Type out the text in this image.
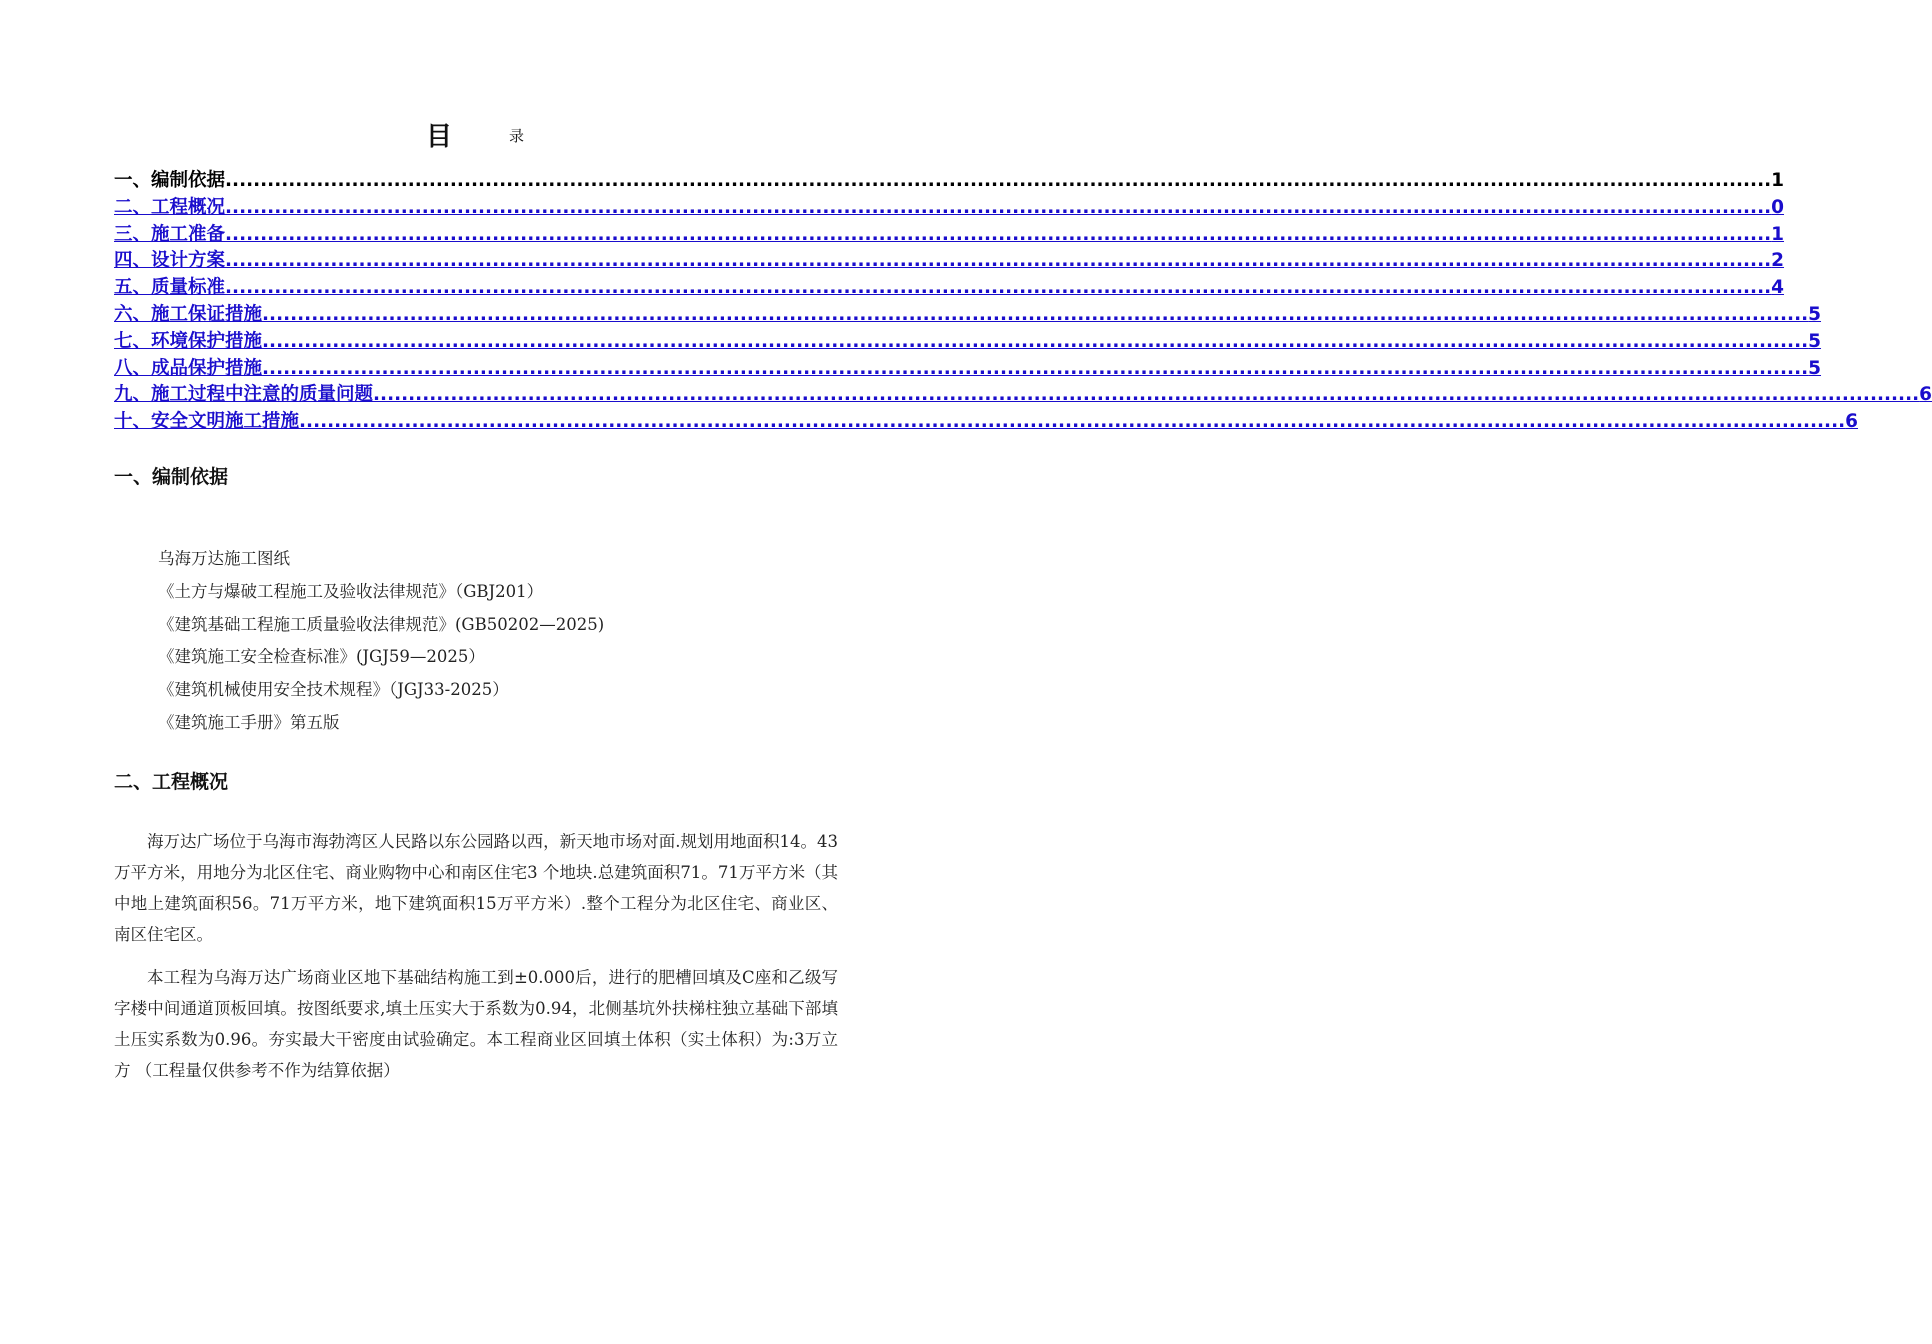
目	录
一、编制依据 ............................................................................................................................................................................................................................ 1
二、工程概况 ............................................................................................................................................................................................................................ 0
三、施工准备 ............................................................................................................................................................................................................................ 1
四、设计方案 ............................................................................................................................................................................................................................ 2
五、质量标准 ............................................................................................................................................................................................................................ 4
六、施工保证措施 ............................................................................................................................................................................................................................ 5
七、环境保护措施 ............................................................................................................................................................................................................................ 5
八、成品保护措施 ............................................................................................................................................................................................................................ 5
九、施工过程中注意的质量问题 ............................................................................................................................................................................................................................ 6
十、安全文明施工措施 ............................................................................................................................................................................................................................ 6
一、编制依据
乌海万达施工图纸
《土方与爆破工程施工及验收法律规范》（GBJ201）
《建筑基础工程施工质量验收法律规范》(GB50202—2025)
《建筑施工安全检查标准》(JGJ59—2025）
《建筑机械使用安全技术规程》（JGJ33-2025）
《建筑施工手册》第五版
二、工程概况

海万达广场位于乌海市海勃湾区人民路以东公园路以西，新天地市场对面.规划用地面积14。43 万平方米，用地分为北区住宅、商业购物中心和南区住宅3 个地块.总建筑面积71。71万平方米（其中地上建筑面积56。71万平方米，地下建筑面积15万平方米）.整个工程分为北区住宅、商业区、南区住宅区。

本工程为乌海万达广场商业区地下基础结构施工到±0.000后，进行的肥槽回填及C座和乙级写字楼中间通道顶板回填。按图纸要求,填土压实大于系数为0.94，北侧基坑外扶梯柱独立基础下部填土压实系数为0.96。夯实最大干密度由试验确定。本工程商业区回填土体积（实土体积）为:3万立方 （工程量仅供参考不作为结算依据）
